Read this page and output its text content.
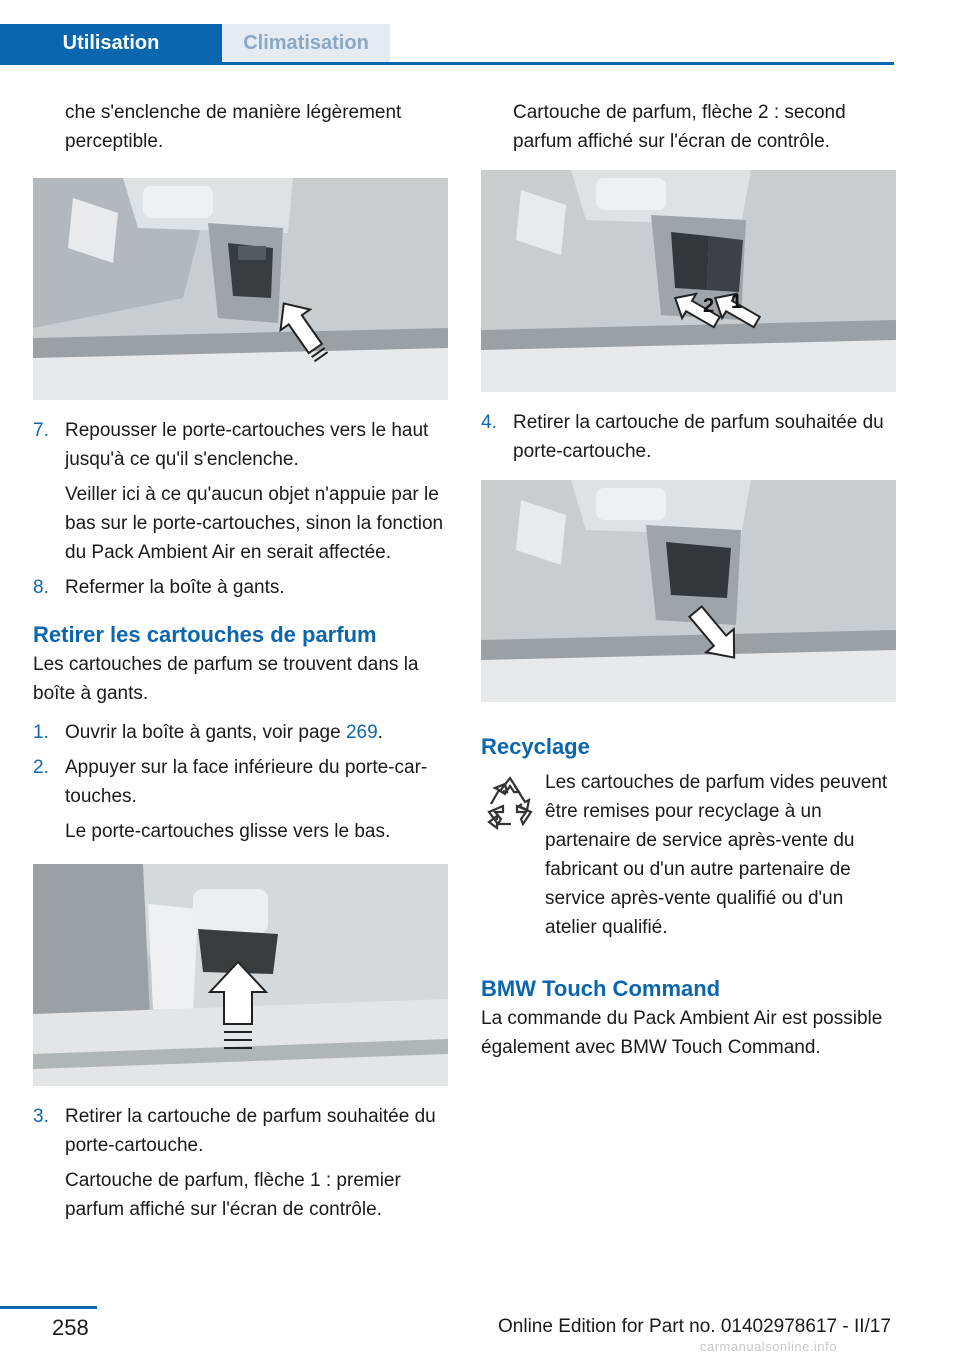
Utilisation	Climatisation

che s'enclenche de manière légèrement perceptible.

7. Repousser le porte-cartouches vers le haut jusqu'à ce qu'il s'enclenche.
Veiller ici à ce qu'aucun objet n'appuie par le bas sur le porte-cartouches, sinon la fonction du Pack Ambient Air en serait affectée.
8. Refermer la boîte à gants.
Retirer les cartouches de parfum

Les cartouches de parfum se trouvent dans la boîte à gants.

1. Ouvrir la boîte à gants, voir page 269.
2. Appuyer sur la face inférieure du porte-cartouches.
Le porte-cartouches glisse vers le bas.
3. Retirer la cartouche de parfum souhaitée du porte-cartouche.
Cartouche de parfum, flèche 1 : premier parfum affiché sur l'écran de contrôle.

Cartouche de parfum, flèche 2 : second parfum affiché sur l'écran de contrôle.

2 1
4. Retirer la cartouche de parfum souhaitée du porte-cartouche.
Recyclage

Les cartouches de parfum vides peuvent être remises pour recyclage à un partenaire de service après-vente du fabricant ou d'un autre partenaire de service après-vente qualifié ou d'un atelier qualifié.

BMW Touch Command

La commande du Pack Ambient Air est possible également avec BMW Touch Command.

258	Online Edition for Part no. 01402978617 - II/17
carmanualsonline.info
